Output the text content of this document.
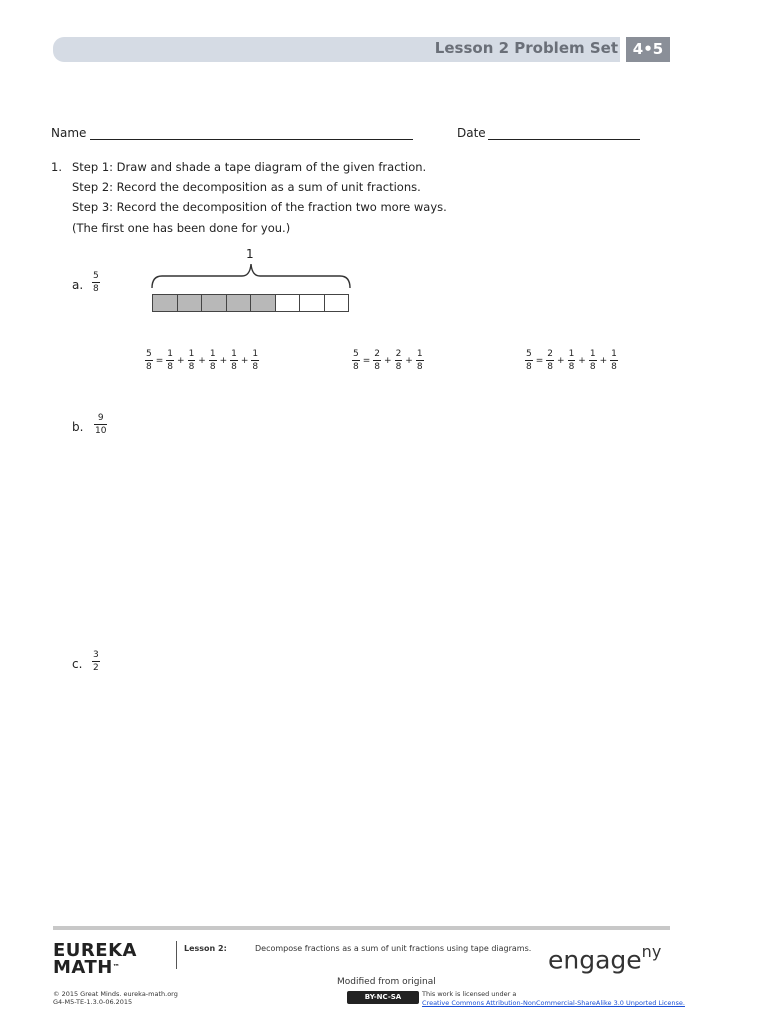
Lesson 2 Problem Set 4•5
Name	Date
1. Step 1: Draw and shade a tape diagram of the given fraction.
Step 2: Record the decomposition as a sum of unit fractions.
Step 3: Record the decomposition of the fraction two more ways.
(The first one has been done for you.)
a. $\frac{5}{8}$
1
$\frac{5}{8} = \frac{1}{8} + \frac{1}{8} + \frac{1}{8} + \frac{1}{8} + \frac{1}{8}$	$\frac{5}{8} = \frac{2}{8} + \frac{2}{8} + \frac{1}{8}$	$\frac{5}{8} = \frac{2}{8} + \frac{1}{8} + \frac{1}{8} + \frac{1}{8}$
b. $\frac{9}{10}$
c. $\frac{3}{2}$
EUREKA
MATH™
Lesson 2:	Decompose fractions as a sum of unit fractions using tape diagrams. engage$^{ny}$
Modified from original
© 2015 Great Minds. eureka-math.org
G4-M5-TE-1.3.0-06.2015
BY-NC-SA	This work is licensed under a
Creative Commons Attribution-NonCommercial-ShareAlike 3.0 Unported License.
